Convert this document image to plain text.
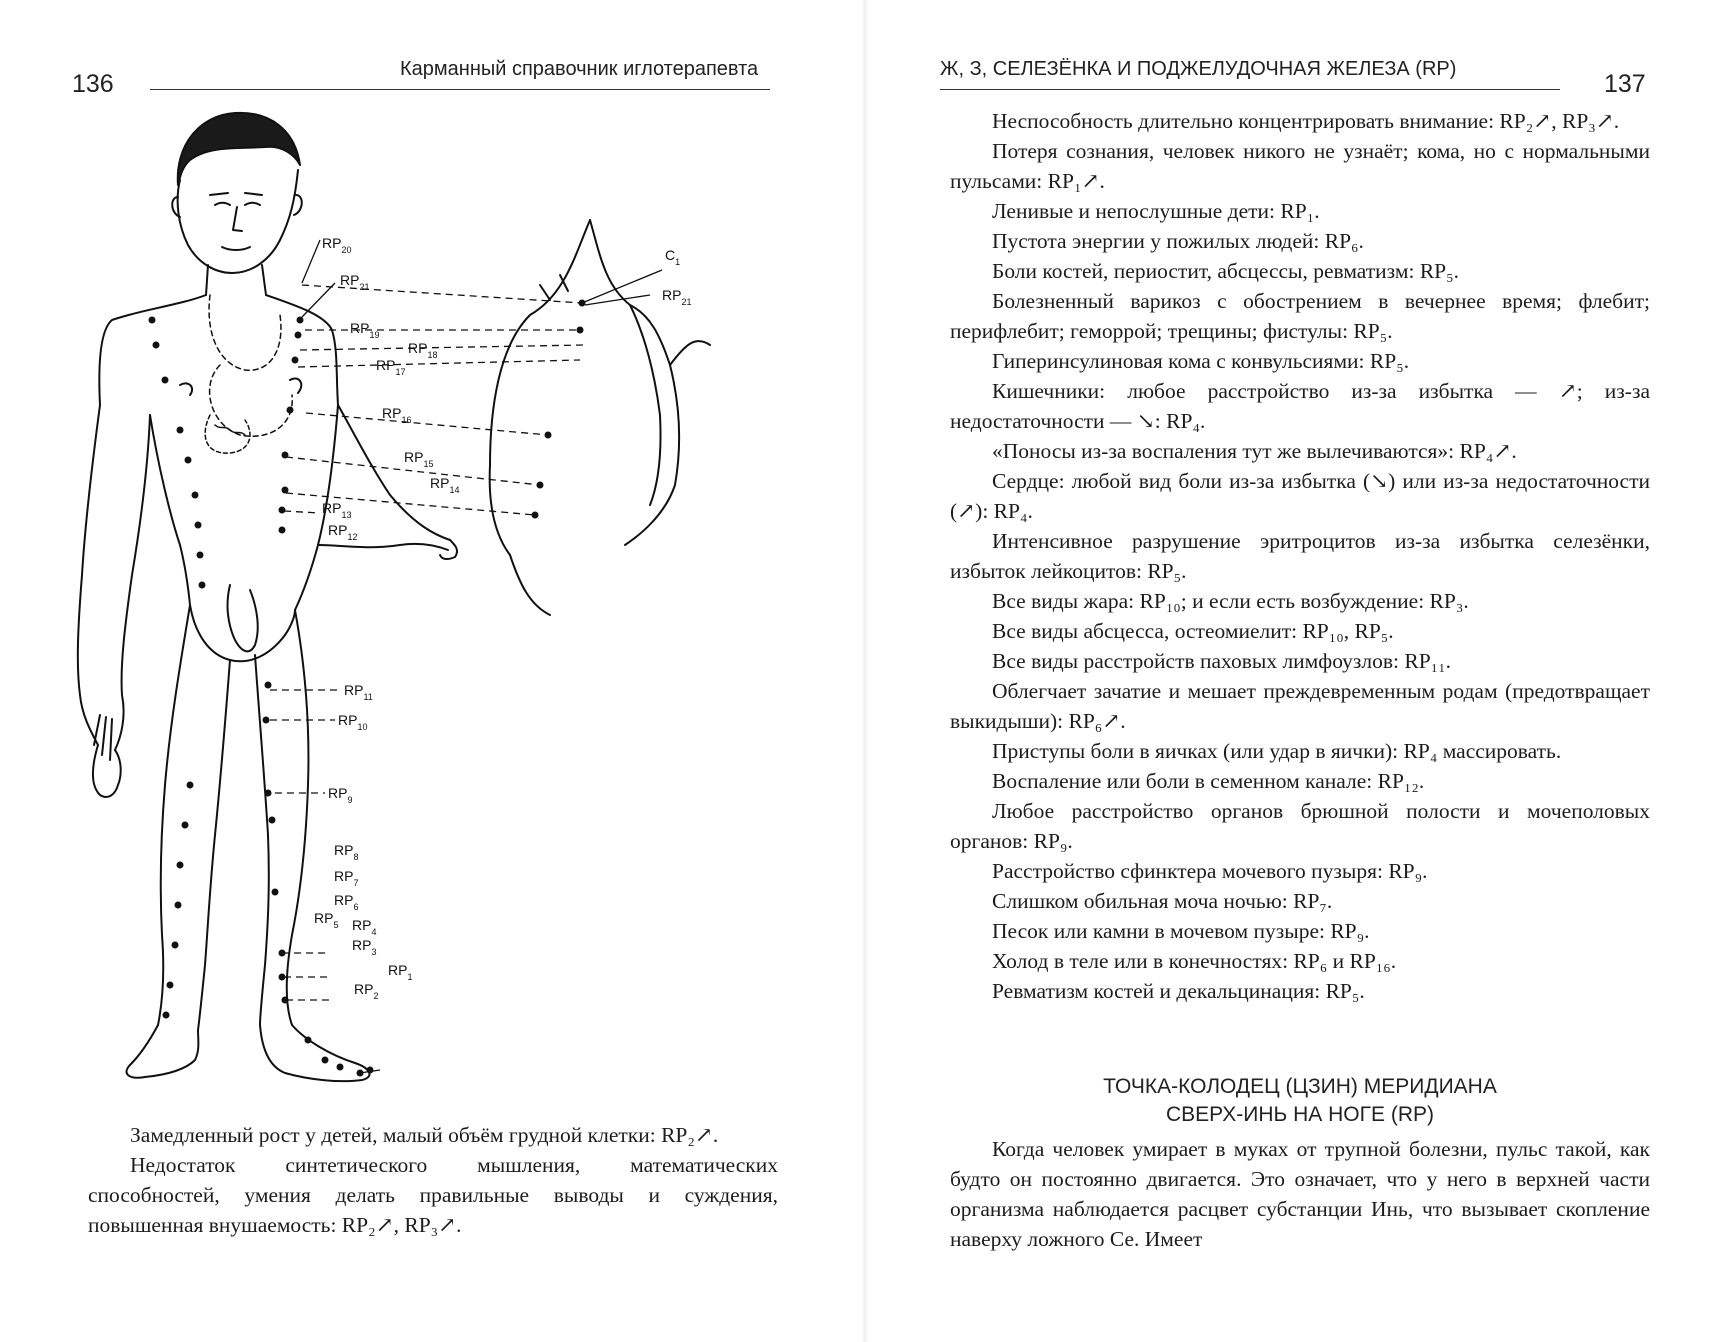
136
Карманный справочник иглотерапевта
$RP_{20}$
$RP_{21}$
$RP_{19}$
$RP_{18}$
$RP_{17}$
$RP_{16}$
$RP_{15}$
$RP_{14}$
$RP_{13}$
$RP_{12}$
$C_1$
$RP_{21}$
$RP_{11}$
$RP_{10}$
$RP_9$
$RP_8$
$RP_7$
$RP_6$
$RP_5$ $RP_4$
$RP_3$
$RP_1$
$RP_2$

Замедленный рост у детей, малый объём грудной клетки: RP₂↗.

Недостаток синтетического мышления, математических способностей, умения делать правильные выводы и суждения, повышенная внушаемость: RP₂↗, RP₃↗.

Ж, З, СЕЛЕЗЁНКА И ПОДЖЕЛУДОЧНАЯ ЖЕЛЕЗА (RP)
137

Неспособность длительно концентрировать внимание: RP₂↗, RP₃↗.

Потеря сознания, человек никого не узнаёт; кома, но с нормальными пульсами: RP₁↗.

Ленивые и непослушные дети: RP₁.

Пустота энергии у пожилых людей: RP₆.

Боли костей, периостит, абсцессы, ревматизм: RP₅.

Болезненный варикоз с обострением в вечернее время; флебит; перифлебит; геморрой; трещины; фистулы: RP₅.

Гиперинсулиновая кома с конвульсиями: RP₅.

Кишечники: любое расстройство из-за избытка — ↗; из-за недостаточности — ↘: RP₄.

«Поносы из-за воспаления тут же вылечиваются»: RP₄↗.

Сердце: любой вид боли из-за избытка (↘) или из-за недостаточности (↗): RP₄.

Интенсивное разрушение эритроцитов из-за избытка селезёнки, избыток лейкоцитов: RP₅.

Все виды жара: RP₁₀; и если есть возбуждение: RP₃.

Все виды абсцесса, остеомиелит: RP₁₀, RP₅.

Все виды расстройств паховых лимфоузлов: RP₁₁.

Облегчает зачатие и мешает преждевременным родам (предотвращает выкидыши): RP₆↗.

Приступы боли в яичках (или удар в яички): RP₄ массировать.

Воспаление или боли в семенном канале: RP₁₂.

Любое расстройство органов брюшной полости и мочеполовых органов: RP₉.

Расстройство сфинктера мочевого пузыря: RP₉.

Слишком обильная моча ночью: RP₇.

Песок или камни в мочевом пузыре: RP₉.

Холод в теле или в конечностях: RP₆ и RP₁₆.

Ревматизм костей и декальцинация: RP₅.

ТОЧКА-КОЛОДЕЦ (ЦЗИН) МЕРИДИАНА
СВЕРХ-ИНЬ НА НОГЕ (RP)

Когда человек умирает в муках от трупной болезни, пульс такой, как будто он постоянно двигается. Это означает, что у него в верхней части организма наблюдается расцвет субстанции Инь, что вызывает скопление наверху ложного Се. Имеет
